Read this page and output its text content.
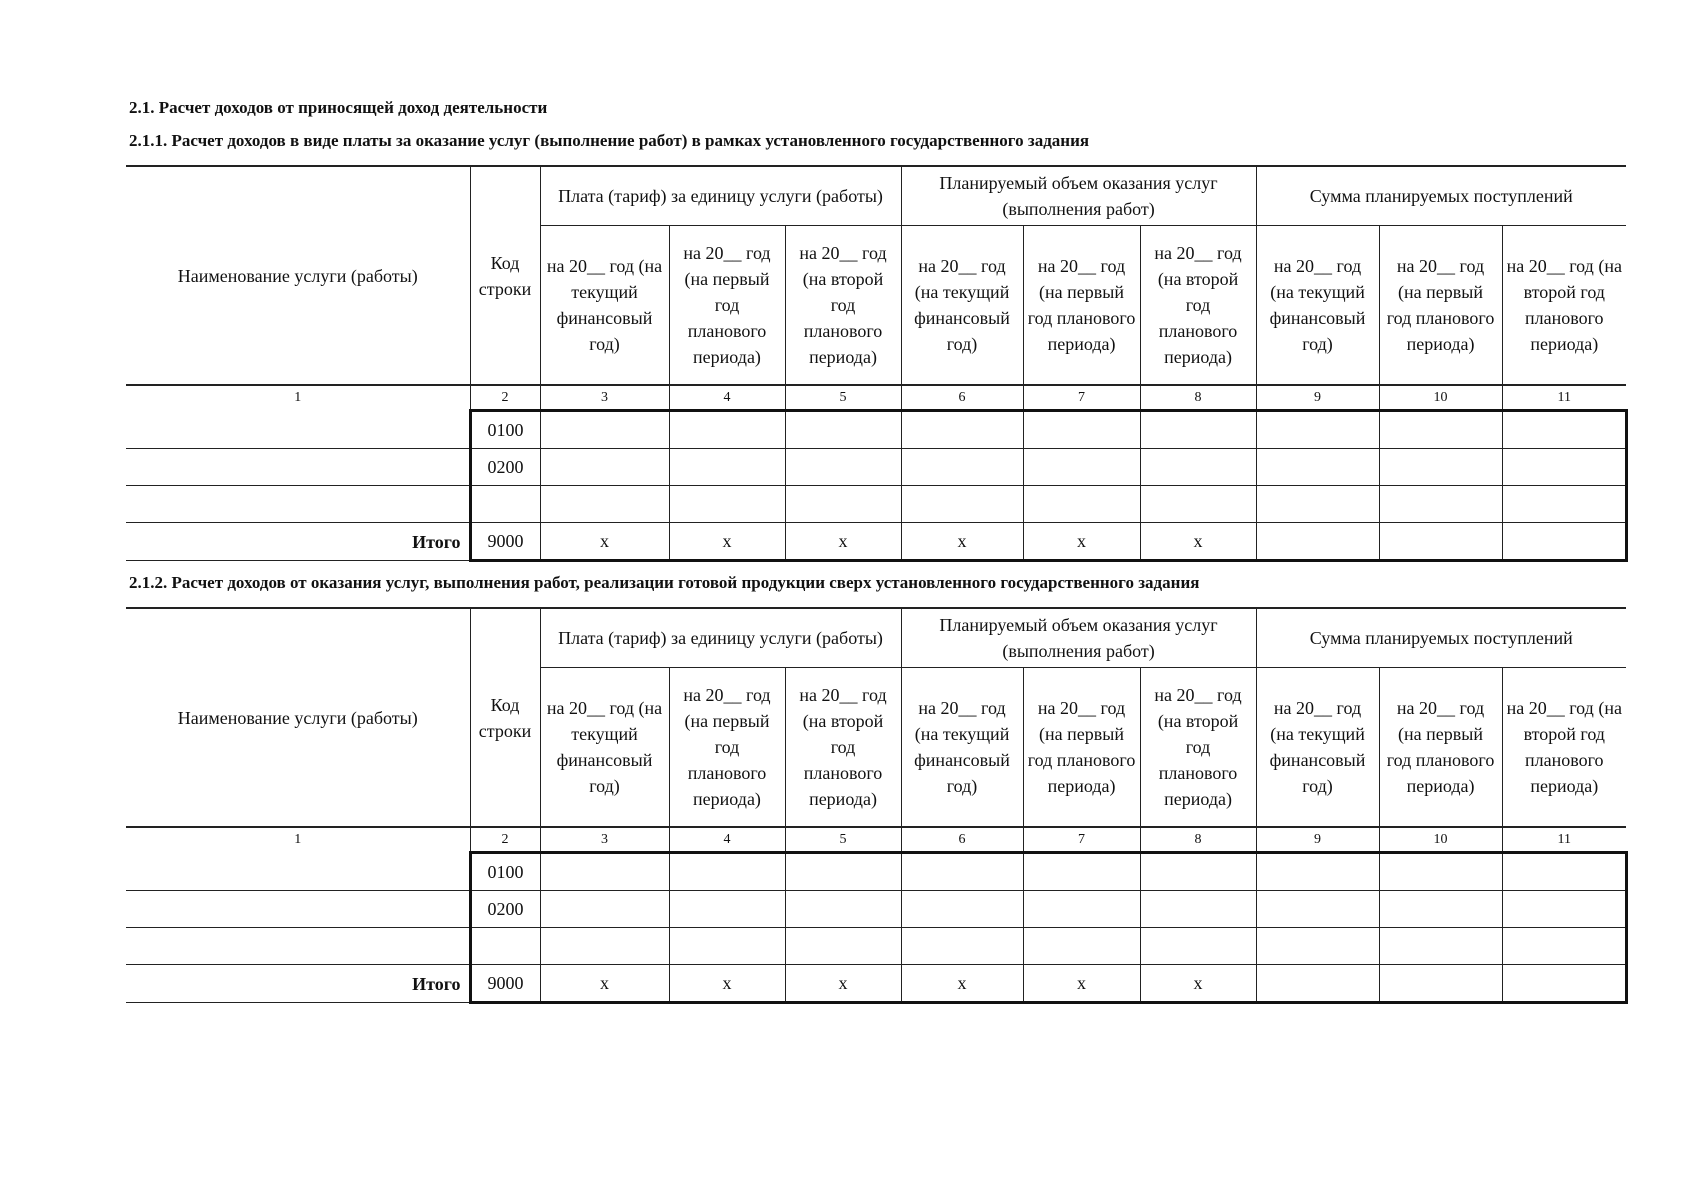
2.1. Расчет доходов от приносящей доход деятельности
2.1.1. Расчет доходов в виде платы за оказание услуг (выполнение работ) в рамках установленного государственного задания
Наименование услуги (работы)	Код строки	Плата (тариф) за единицу услуги (работы)			Планируемый объем оказания услуг (выполнения работ)			Сумма планируемых поступлений		

		на 20__ год (на текущий финансовый год)	на 20__ год (на первый год планового периода)	на 20__ год (на второй год планового периода)	на 20__ год (на текущий финансовый год)	на 20__ год (на первый год планового периода)	на 20__ год (на второй год планового периода)	на 20__ год (на текущий финансовый год)	на 20__ год (на первый год планового периода)	на 20__ год (на второй год планового периода)

1	2	3	4	5	6	7	8	9	10	11
	0100									
	0200									

Итого	9000	x	x	x	x	x	x			
2.1.2. Расчет доходов от оказания услуг, выполнения работ, реализации готовой продукции сверх установленного государственного задания
Наименование услуги (работы)	Код строки	Плата (тариф) за единицу услуги (работы)			Планируемый объем оказания услуг (выполнения работ)			Сумма планируемых поступлений		

		на 20__ год (на текущий финансовый год)	на 20__ год (на первый год планового периода)	на 20__ год (на второй год планового периода)	на 20__ год (на текущий финансовый год)	на 20__ год (на первый год планового периода)	на 20__ год (на второй год планового периода)	на 20__ год (на текущий финансовый год)	на 20__ год (на первый год планового периода)	на 20__ год (на второй год планового периода)

1	2	3	4	5	6	7	8	9	10	11
	0100									
	0200									

Итого	9000	x	x	x	x	x	x			
